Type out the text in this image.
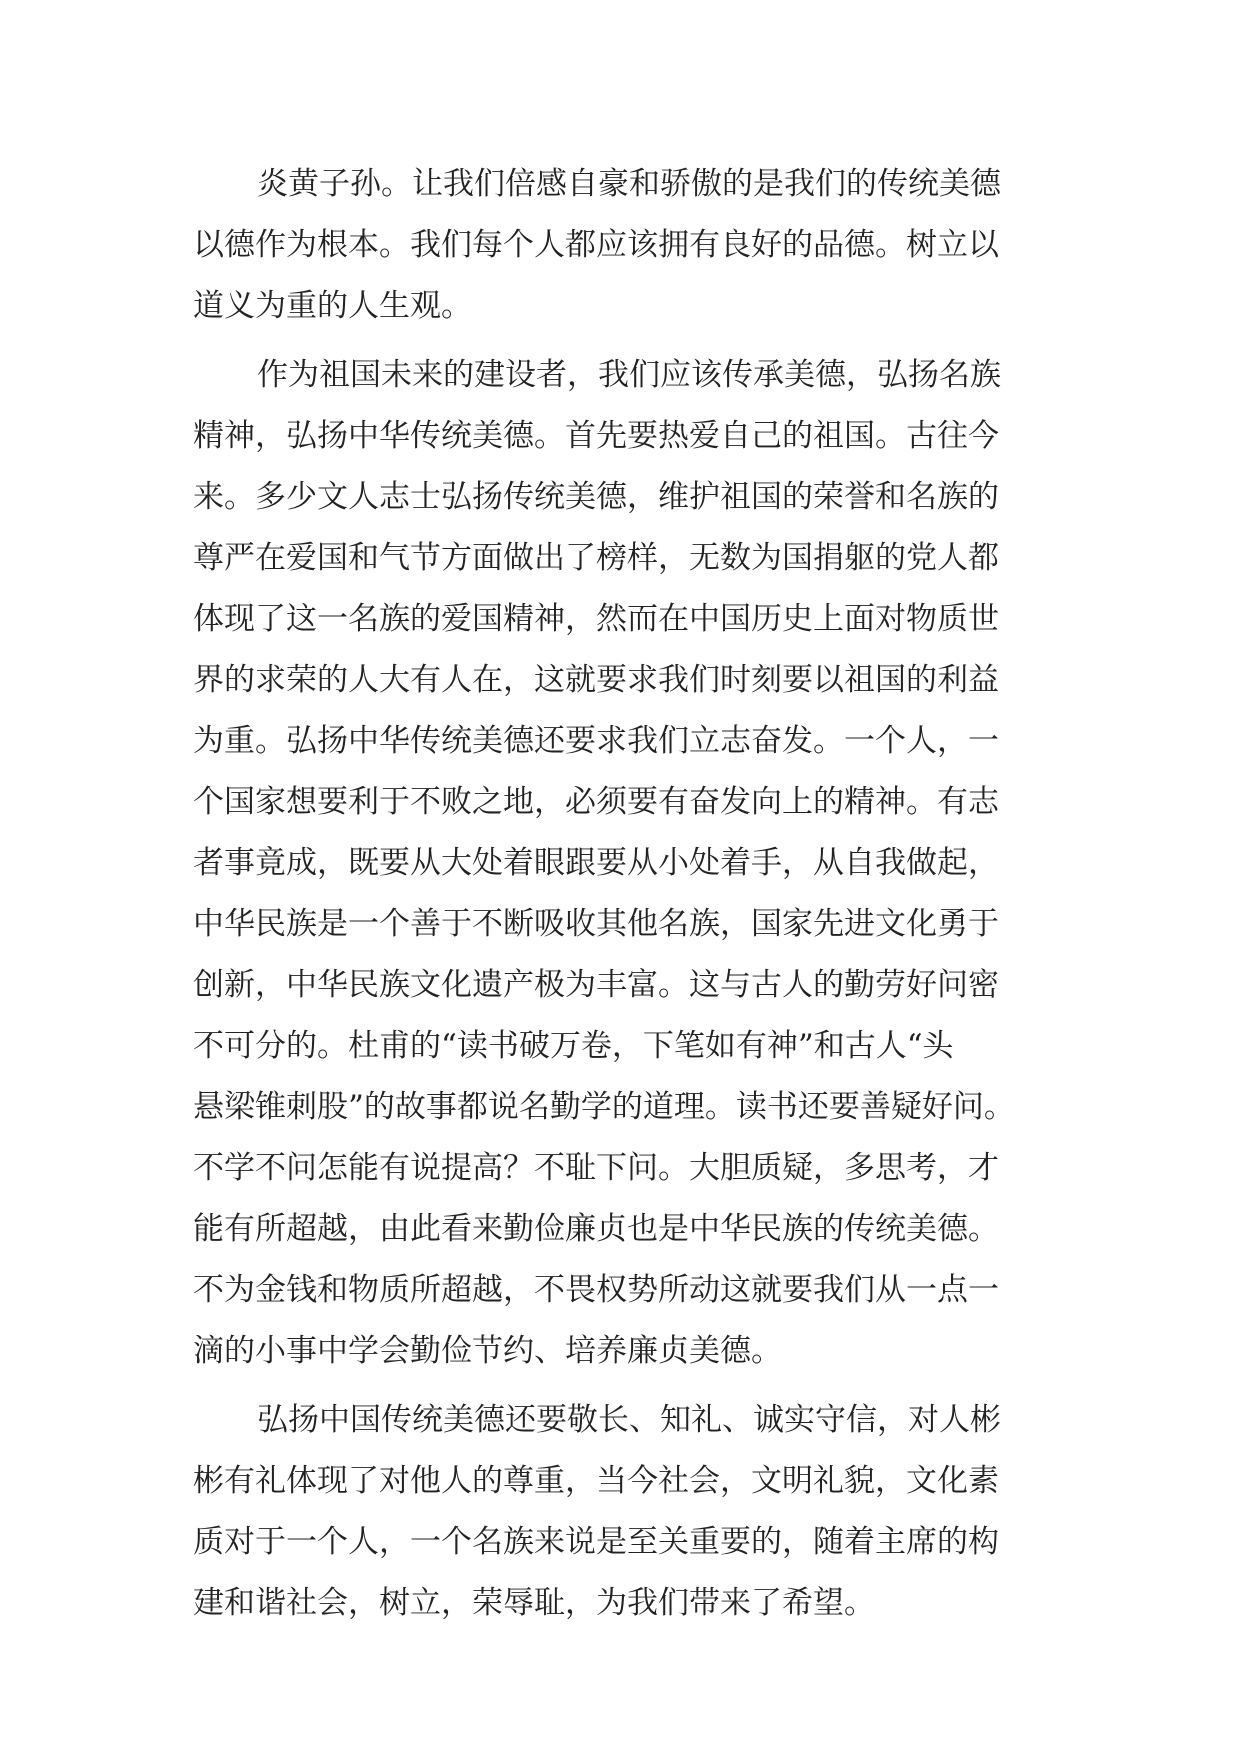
炎黄子孙。让我们倍感自豪和骄傲的是我们的传统美德
以德作为根本。我们每个人都应该拥有良好的品德。树立以
道义为重的人生观。
作为祖国未来的建设者，我们应该传承美德，弘扬名族
精神，弘扬中华传统美德。首先要热爱自己的祖国。古往今
来。多少文人志士弘扬传统美德，维护祖国的荣誉和名族的
尊严在爱国和气节方面做出了榜样，无数为国捐躯的党人都
体现了这一名族的爱国精神，然而在中国历史上面对物质世
界的求荣的人大有人在，这就要求我们时刻要以祖国的利益
为重。弘扬中华传统美德还要求我们立志奋发。一个人，一
个国家想要利于不败之地，必须要有奋发向上的精神。有志
者事竟成，既要从大处着眼跟要从小处着手，从自我做起，
中华民族是一个善于不断吸收其他名族，国家先进文化勇于
创新，中华民族文化遗产极为丰富。这与古人的勤劳好问密
不可分的。杜甫的“读书破万卷，下笔如有神”和古人“头
悬梁锥刺股”的故事都说名勤学的道理。读书还要善疑好问。
不学不问怎能有说提高？不耻下问。大胆质疑，多思考，才
能有所超越，由此看来勤俭廉贞也是中华民族的传统美德。
不为金钱和物质所超越，不畏权势所动这就要我们从一点一
滴的小事中学会勤俭节约、培养廉贞美德。
弘扬中国传统美德还要敬长、知礼、诚实守信，对人彬
彬有礼体现了对他人的尊重，当今社会，文明礼貌，文化素
质对于一个人，一个名族来说是至关重要的，随着主席的构
建和谐社会，树立，荣辱耻，为我们带来了希望。
